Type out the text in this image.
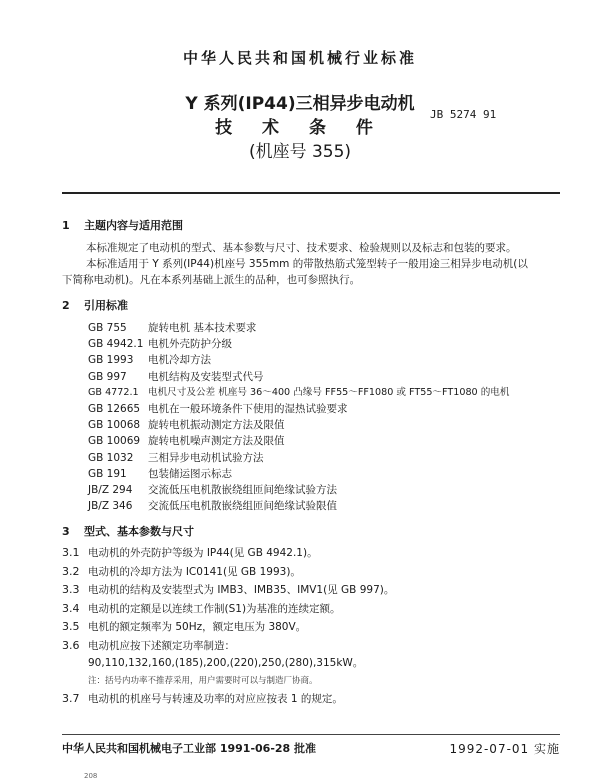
中华人民共和国机械行业标准
Y 系列(IP44)三相异步电动机
技 术 条 件
(机座号 355)
JB 5274 91

1 主题内容与适用范围

本标准规定了电动机的型式、基本参数与尺寸、技术要求、检验规则以及标志和包装的要求。

本标准适用于 Y 系列(IP44)机座号 355mm 的带散热筋式笼型转子一般用途三相异步电动机(以

下简称电动机)。凡在本系列基础上派生的品种，也可参照执行。

2 引用标准

GB 755 旋转电机 基本技术要求
GB 4942.1 电机外壳防护分级
GB 1993 电机冷却方法
GB 997 电机结构及安装型式代号
GB 4772.1 电机尺寸及公差 机座号 36～400 凸缘号 FF55～FF1080 或 FT55～FT1080 的电机
GB 12665 电机在一般环境条件下使用的湿热试验要求
GB 10068 旋转电机振动测定方法及限值
GB 10069 旋转电机噪声测定方法及限值
GB 1032 三相异步电动机试验方法
GB 191 包装储运图示标志
JB/Z 294 交流低压电机散嵌绕组匝间绝缘试验方法
JB/Z 346 交流低压电机散嵌绕组匝间绝缘试验限值

3 型式、基本参数与尺寸

3.1 电动机的外壳防护等级为 IP44(见 GB 4942.1)。
3.2 电动机的冷却方法为 IC0141(见 GB 1993)。
3.3 电动机的结构及安装型式为 IMB3、IMB35、IMV1(见 GB 997)。
3.4 电动机的定额是以连续工作制(S1)为基准的连续定额。
3.5 电机的额定频率为 50Hz，额定电压为 380V。
3.6 电动机应按下述额定功率制造：
90,110,132,160,(185),200,(220),250,(280),315kW。
注：括号内功率不推荐采用，用户需要时可以与制造厂协商。
3.7 电动机的机座号与转速及功率的对应应按表 1 的规定。
中华人民共和国机械电子工业部 1991-06-28 批准	1992-07-01 实施
208
